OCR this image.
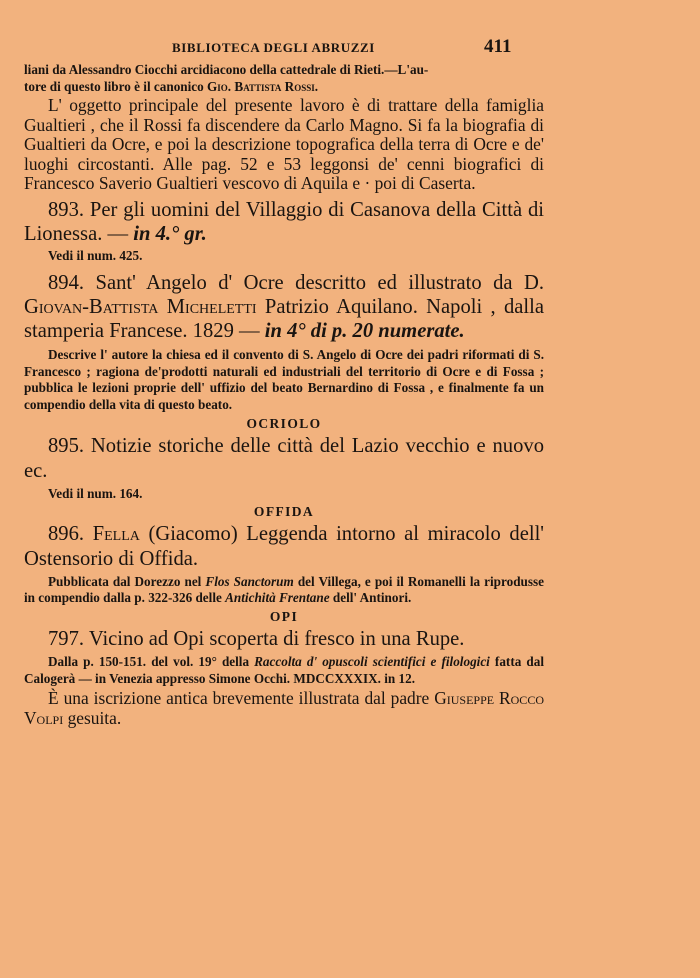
BIBLIOTECA DEGLI ABRUZZI	411

liani da Alessandro Ciocchi arcidiacono della cattedrale di Rieti.—L'au-
tore di questo libro è il canonico Gio. Battista Rossi.

L' oggetto principale del presente lavoro è di trattare della famiglia Gualtieri , che il Rossi fa discendere da Carlo Magno. Si fa la biografia di Gualtieri da Ocre, e poi la descrizione topografica della terra di Ocre e de' luoghi circostanti. Alle pag. 52 e 53 leggonsi de' cenni biografici di Francesco Saverio Gualtieri vescovo di Aquila e · poi di Caserta.

893. Per gli uomini del Villaggio di Casanova della Città di Lionessa. — in 4.° gr.

Vedi il num. 425.

894. Sant' Angelo d' Ocre descritto ed illustrato da D. Giovan-Battista Micheletti Patrizio Aquilano. Napoli , dalla stamperia Francese. 1829 — in 4° di p. 20 numerate.

Descrive l' autore la chiesa ed il convento di S. Angelo di Ocre dei padri riformati di S. Francesco ; ragiona de'prodotti naturali ed industriali del territorio di Ocre e di Fossa ; pubblica le lezioni proprie dell' uffizio del beato Bernardino di Fossa , e finalmente fa un compendio della vita di questo beato.

OCRIOLO

895. Notizie storiche delle città del Lazio vecchio e nuovo ec.

Vedi il num. 164.

OFFIDA

896. Fella (Giacomo) Leggenda intorno al miracolo dell' Ostensorio di Offida.

Pubblicata dal Dorezzo nel Flos Sanctorum del Villega, e poi il Romanelli la riprodusse in compendio dalla p. 322-326 delle Antichità Frentane dell' Antinori.

OPI

797. Vicino ad Opi scoperta di fresco in una Rupe.

Dalla p. 150-151. del vol. 19° della Raccolta d' opuscoli scientifici e filologici fatta dal Calogerà — in Venezia appresso Simone Occhi. MDCCXXXIX. in 12.

È una iscrizione antica brevemente illustrata dal padre Giuseppe Rocco Volpi gesuita.
